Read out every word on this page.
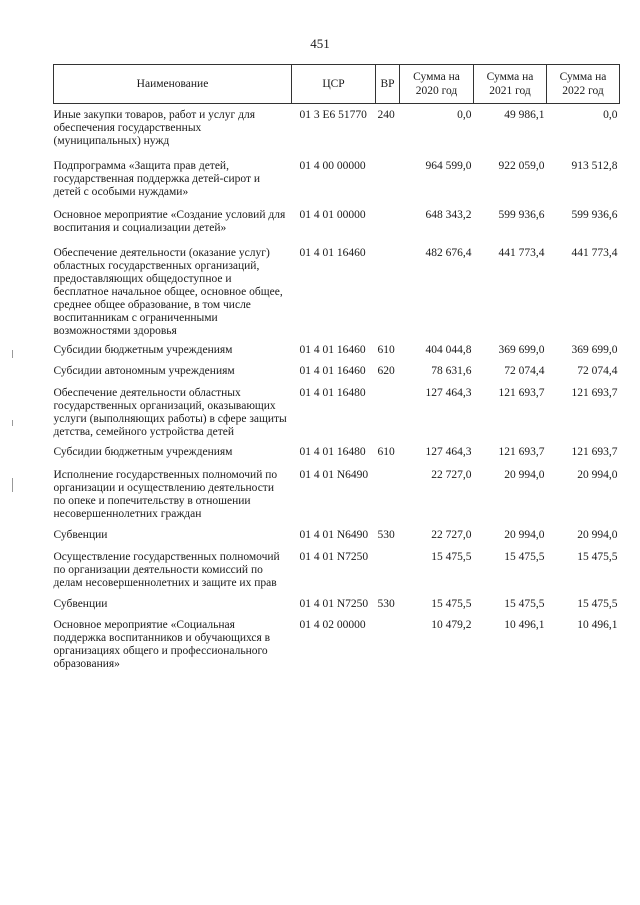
451
Наименование	ЦСР	ВР	Сумма на 2020 год	Сумма на 2021 год	Сумма на 2022 год
Иные закупки товаров, работ и услуг для обеспечения государственных (муниципальных) нужд	01 3 E6 51770	240	0,0	49 986,1	0,0
Подпрограмма «Защита прав детей, государственная поддержка детей-сирот и детей с особыми нуждами»	01 4 00 00000		964 599,0	922 059,0	913 512,8
Основное мероприятие «Создание условий для воспитания и социализации детей»	01 4 01 00000		648 343,2	599 936,6	599 936,6
Обеспечение деятельности (оказание услуг) областных государственных организаций, предоставляющих общедоступное и бесплатное начальное общее, основное общее, среднее общее образование, в том числе воспитанникам с ограниченными возможностями здоровья	01 4 01 16460		482 676,4	441 773,4	441 773,4
Субсидии бюджетным учреждениям	01 4 01 16460	610	404 044,8	369 699,0	369 699,0
Субсидии автономным учреждениям	01 4 01 16460	620	78 631,6	72 074,4	72 074,4
Обеспечение деятельности областных государственных организаций, оказывающих услуги (выполняющих работы) в сфере защиты детства, семейного устройства детей	01 4 01 16480		127 464,3	121 693,7	121 693,7
Субсидии бюджетным учреждениям	01 4 01 16480	610	127 464,3	121 693,7	121 693,7
Исполнение государственных полномочий по организации и осуществлению деятельности по опеке и попечительству в отношении несовершеннолетних граждан	01 4 01 N6490		22 727,0	20 994,0	20 994,0
Субвенции	01 4 01 N6490	530	22 727,0	20 994,0	20 994,0
Осуществление государственных полномочий по организации деятельности комиссий по делам несовершеннолетних и защите их прав	01 4 01 N7250		15 475,5	15 475,5	15 475,5
Субвенции	01 4 01 N7250	530	15 475,5	15 475,5	15 475,5
Основное мероприятие «Социальная поддержка воспитанников и обучающихся в организациях общего и профессионального образования»	01 4 02 00000		10 479,2	10 496,1	10 496,1
